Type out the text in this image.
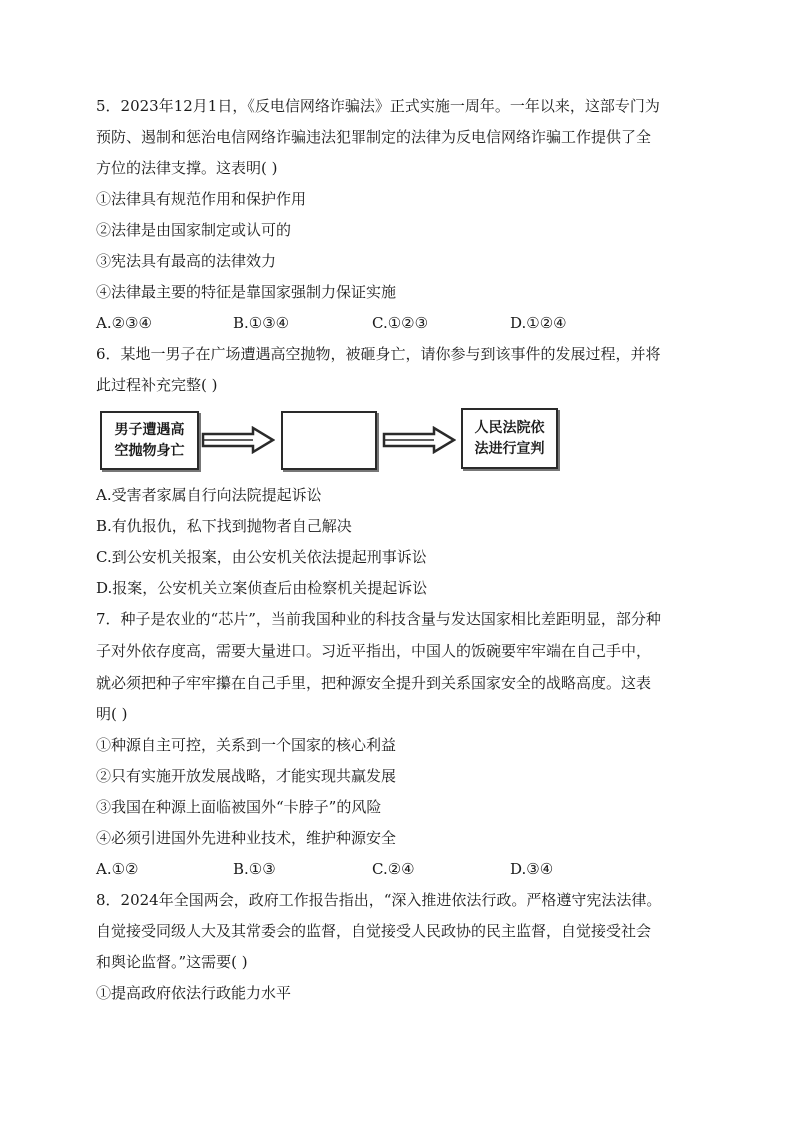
5．2023年12月1日，《反电信网络诈骗法》正式实施一周年。一年以来，这部专门为
预防、遏制和惩治电信网络诈骗违法犯罪制定的法律为反电信网络诈骗工作提供了全
方位的法律支撑。这表明( )
①法律具有规范作用和保护作用
②法律是由国家制定或认可的
③宪法具有最高的法律效力
④法律最主要的特征是靠国家强制力保证实施
A.②③④	B.①③④	C.①②③	D.①②④
6．某地一男子在广场遭遇高空抛物，被砸身亡，请你参与到该事件的发展过程，并将
此过程补充完整( )
男子遭遇高
空抛物身亡
人民法院依
法进行宣判
A.受害者家属自行向法院提起诉讼
B.有仇报仇，私下找到抛物者自己解决
C.到公安机关报案，由公安机关依法提起刑事诉讼
D.报案，公安机关立案侦查后由检察机关提起诉讼
7．种子是农业的“芯片”，当前我国种业的科技含量与发达国家相比差距明显，部分种
子对外依存度高，需要大量进口。习近平指出，中国人的饭碗要牢牢端在自己手中，
就必须把种子牢牢攥在自己手里，把种源安全提升到关系国家安全的战略高度。这表
明( )
①种源自主可控，关系到一个国家的核心利益
②只有实施开放发展战略，才能实现共赢发展
③我国在种源上面临被国外“卡脖子”的风险
④必须引进国外先进种业技术，维护种源安全
A.①②	B.①③	C.②④	D.③④
8．2024年全国两会，政府工作报告指出，“深入推进依法行政。严格遵守宪法法律。
自觉接受同级人大及其常委会的监督，自觉接受人民政协的民主监督，自觉接受社会
和舆论监督。”这需要( )
①提高政府依法行政能力水平
